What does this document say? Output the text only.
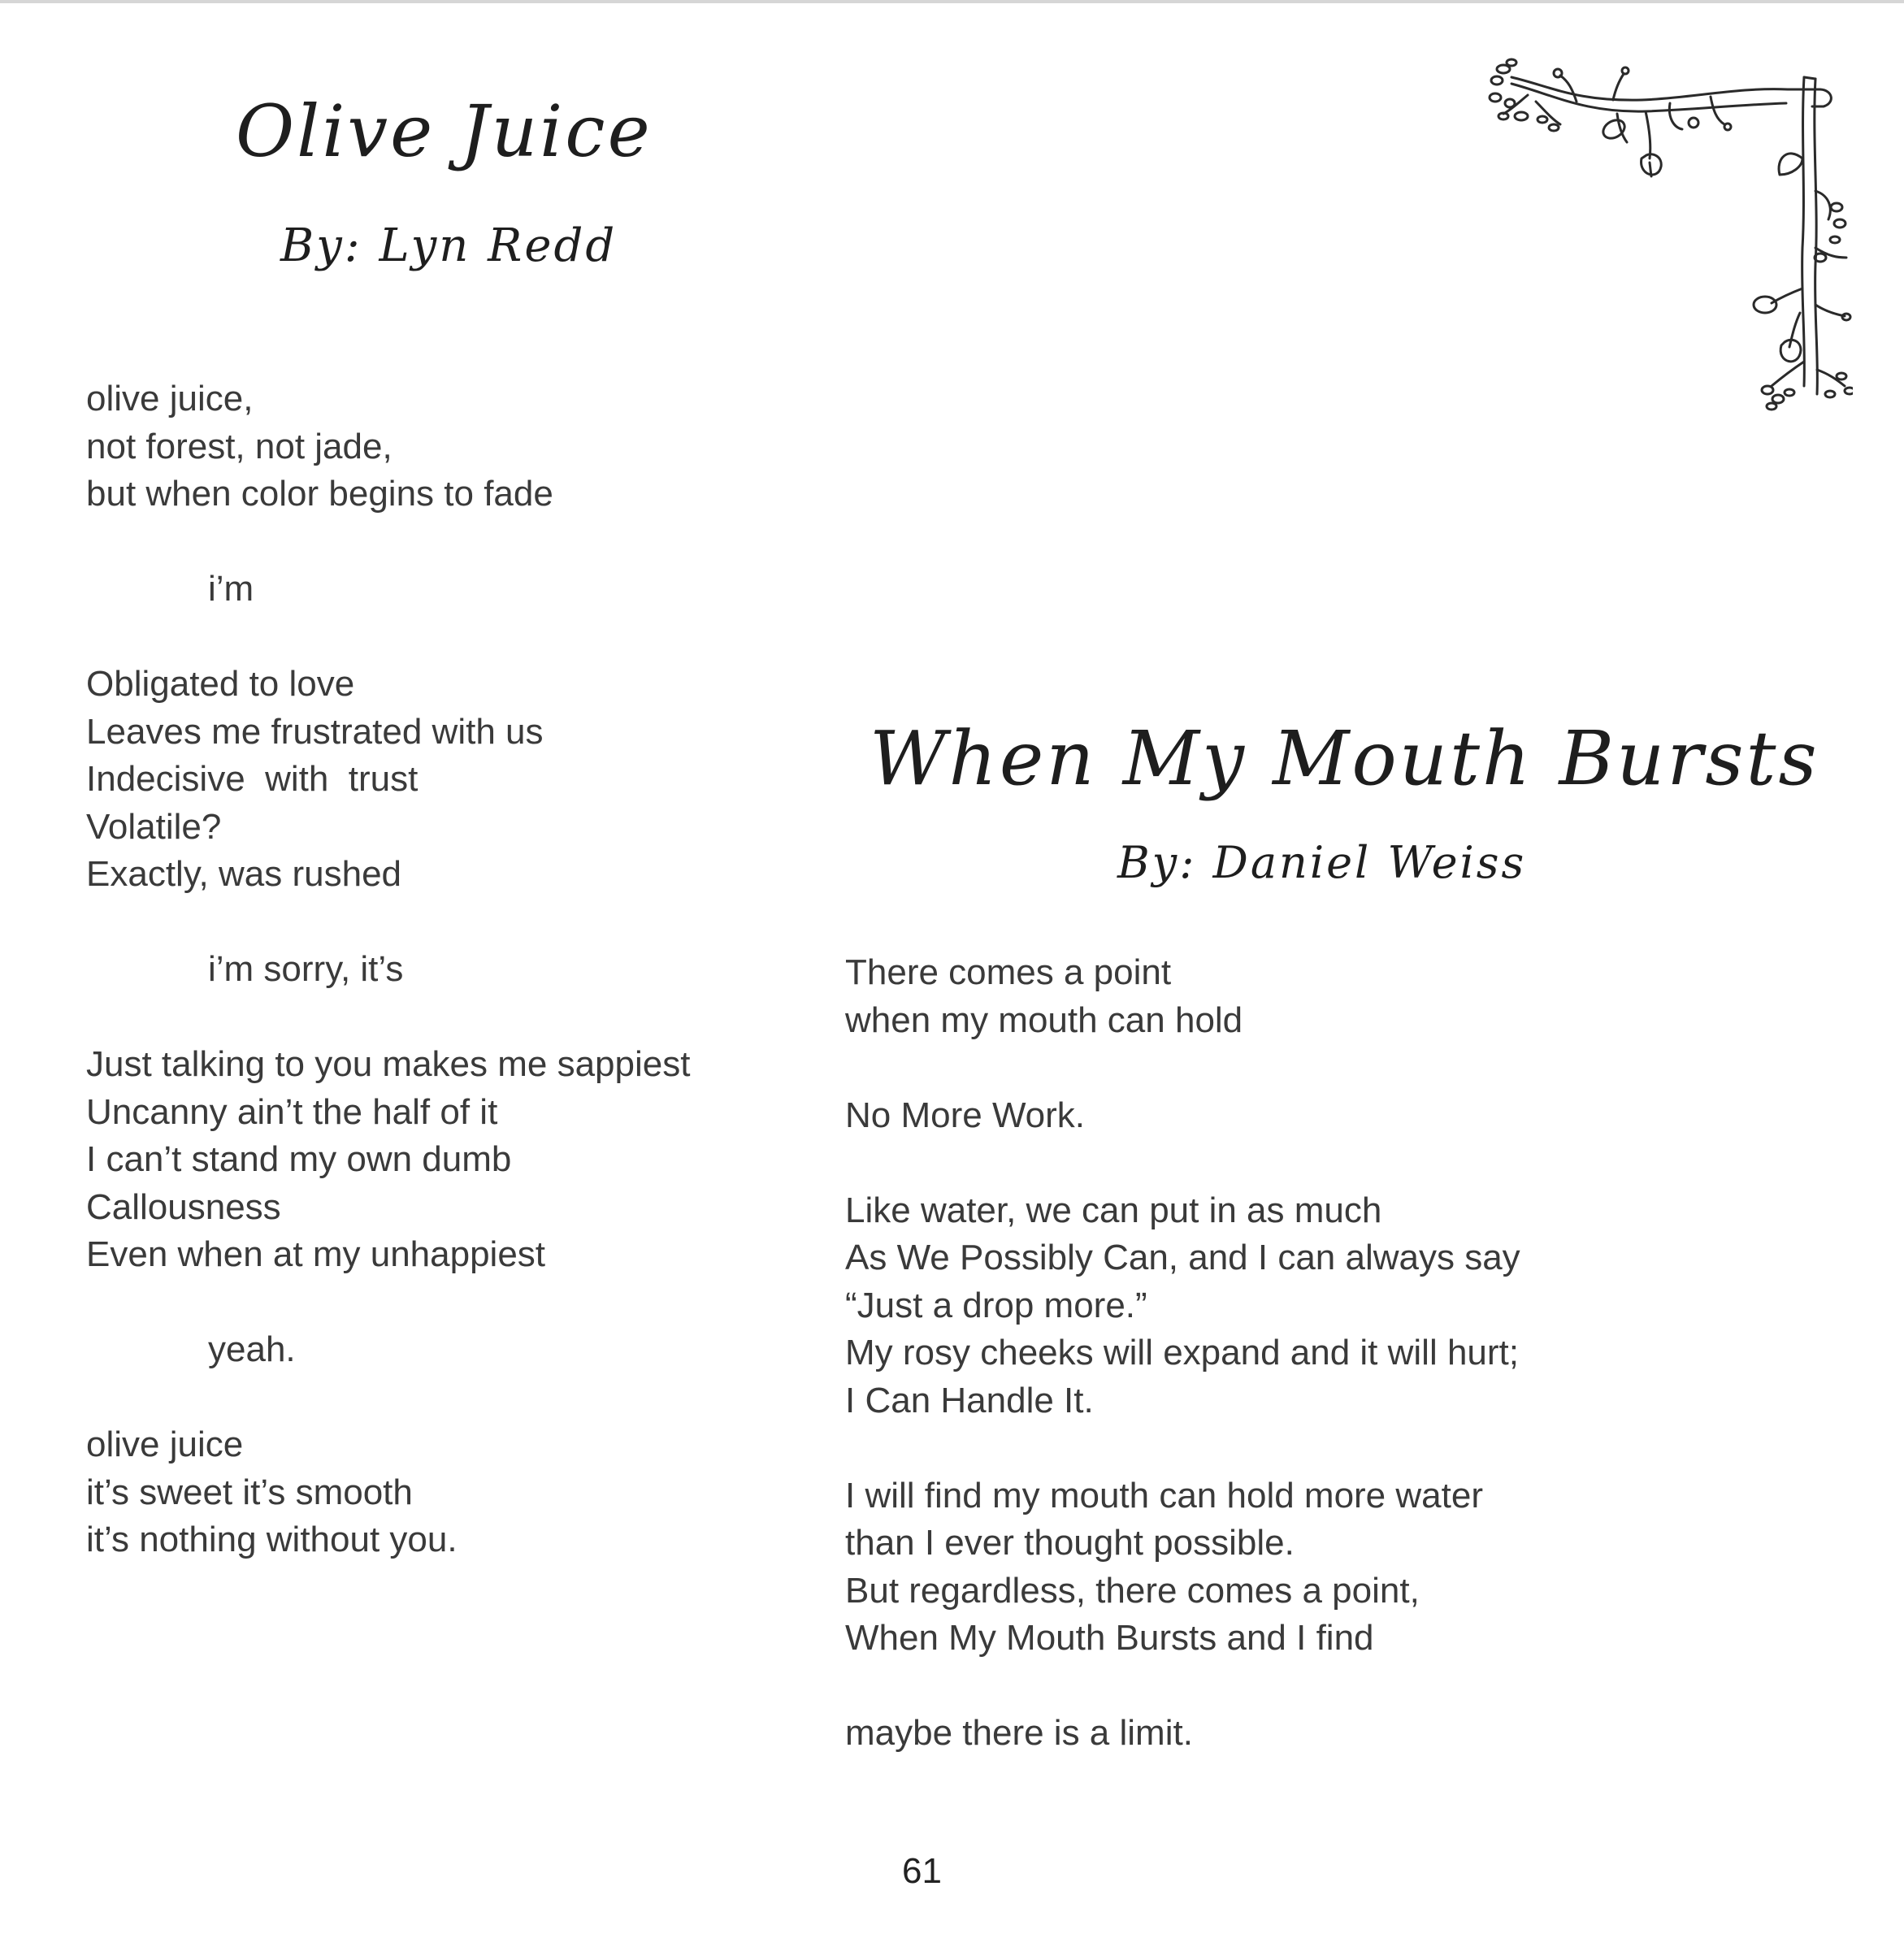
Olive Juice
By: Lyn Redd
olive juice,
not forest, not jade,
but when color begins to fade
i’m
Obligated to love
Leaves me frustrated with us
Indecisive  with  trust
Volatile?
Exactly, was rushed
i’m sorry, it’s
Just talking to you makes me sappiest
Uncanny ain’t the half of it
I can’t stand my own dumb
Callousness
Even when at my unhappiest
yeah.
olive juice
it’s sweet it’s smooth
it’s nothing without you.
When My Mouth Bursts
By: Daniel Weiss
There comes a point
when my mouth can hold
No More Work.
Like water, we can put in as much
As We Possibly Can, and I can always say
“Just a drop more.”
My rosy cheeks will expand and it will hurt;
I Can Handle It.
I will find my mouth can hold more water
than I ever thought possible.
But regardless, there comes a point,
When My Mouth Bursts and I find
maybe there is a limit.
61
